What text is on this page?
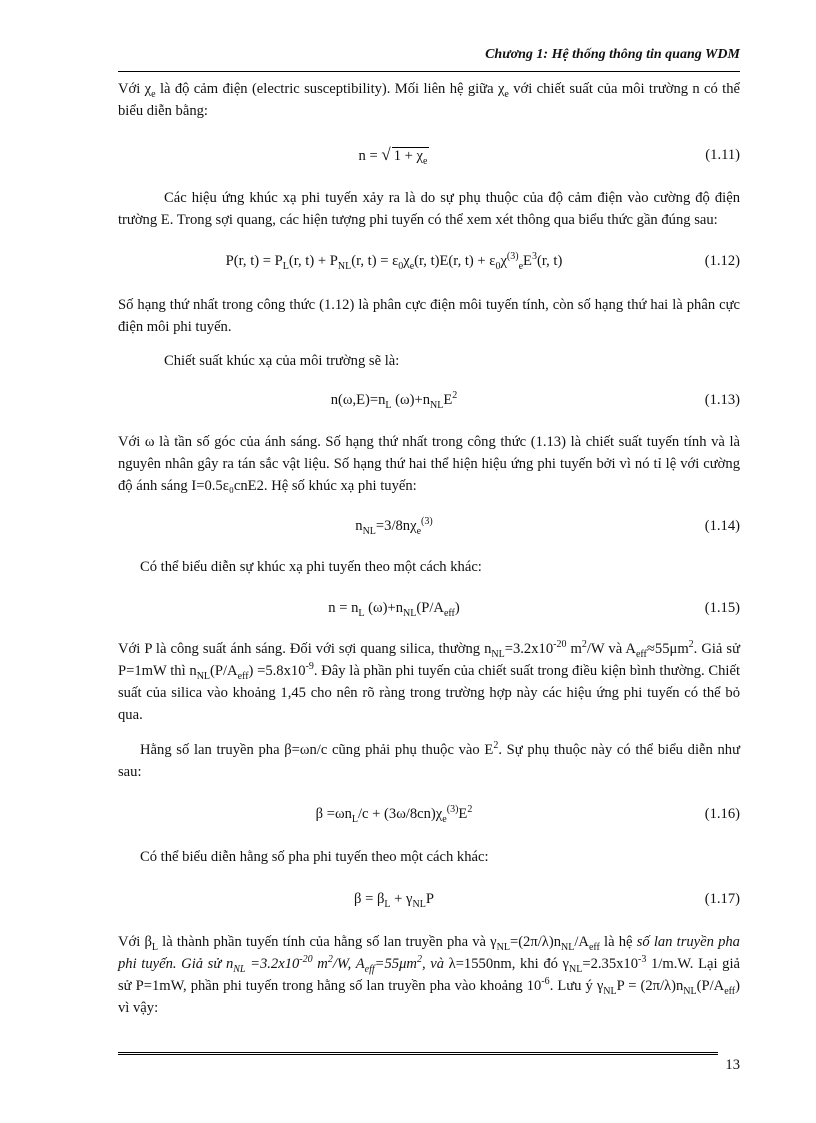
Chương 1: Hệ thống thông tin quang WDM

Với $\chi_e$ là độ cảm điện (electric susceptibility). Mối liên hệ giữa $\chi_e$ với chiết suất của môi trường n có thể biểu diễn bằng:

n = √ $1 + \chi_e$	(1.11)

Các hiệu ứng khúc xạ phi tuyến xảy ra là do sự phụ thuộc của độ cảm điện vào cường độ điện trường E. Trong sợi quang, các hiện tượng phi tuyến có thể xem xét thông qua biểu thức gần đúng sau:

P(r, $t) = P_L(r$, $t) + P_{NL}(r$, $t) = \varepsilon_0\chi_e(r$, t)E(r, $t) + \varepsilon_0\chi^{(3)}_eE^3(r$, t)	(1.12)

Số hạng thứ nhất trong công thức (1.12) là phân cực điện môi tuyến tính, còn số hạng thứ hai là phân cực điện môi phi tuyến.

Chiết suất khúc xạ của môi trường sẽ là:

$n(\omega,E)=n_L$ $(\omega)+n_{NL}E^2$	(1.13)

Với ω là tần số góc của ánh sáng. Số hạng thứ nhất trong công thức (1.13) là chiết suất tuyến tính và là nguyên nhân gây ra tán sắc vật liệu. Số hạng thứ hai thể hiện hiệu ứng phi tuyến bởi vì nó tỉ lệ với cường độ ánh sáng I=0.5ε₀cnE2. Hệ số khúc xạ phi tuyến:

$n_{NL}=3/8n\chi_e^{(3)}$	(1.14)

Có thể biểu diễn sự khúc xạ phi tuyến theo một cách khác:

$n = n_L$ $(\omega)+n_{NL}(P/A_{eff})$	(1.15)

Với P là công suất ánh sáng. Đối với sợi quang silica, thường $n_{NL}=3.2x10^{-20}$ $m^2/W$ và $A_{eff}\approx 55\mu m^2$. Giả sử P=1mW thì $n_{NL}(P/A_{eff}) =5.8x10^{-9}$. Đây là phần phi tuyến của chiết suất trong điều kiện bình thường. Chiết suất của silica vào khoảng 1,45 cho nên rõ ràng trong trường hợp này các hiệu ứng phi tuyến có thể bỏ qua.

Hằng số lan truyền pha β=ωn/c cũng phải phụ thuộc vào $E^2$. Sự phụ thuộc này có thể biểu diễn như sau:

$\beta =\omega n_L/c + (3\omega/8cn)\chi_e^{(3)}E^2$	(1.16)

Có thể biểu diễn hằng số pha phi tuyến theo một cách khác:

$\beta = \beta_L + \gamma_{NL}P$	(1.17)

Với $\beta_L$ là thành phần tuyến tính của hằng số lan truyền pha và $\gamma_{NL}=(2\pi/\lambda)n_{NL}/A_{eff}$ là hệ số lan truyền pha phi tuyến. Giả sử $n_{NL} =3.2x10^{-20}$ $m^2/W$, $A_{eff}=55\mu m^2$, và λ=1550nm, khi đó $\gamma_{NL}=2.35x10^{-3}$ 1/m.W. Lại giả sử P=1mW, phần phi tuyến trong hằng số lan truyền pha vào khoảng $10^{-6}$. Lưu ý $\gamma_{NL}P = (2\pi/\lambda)n_{NL}(P/A_{eff})$ vì vậy:

13
